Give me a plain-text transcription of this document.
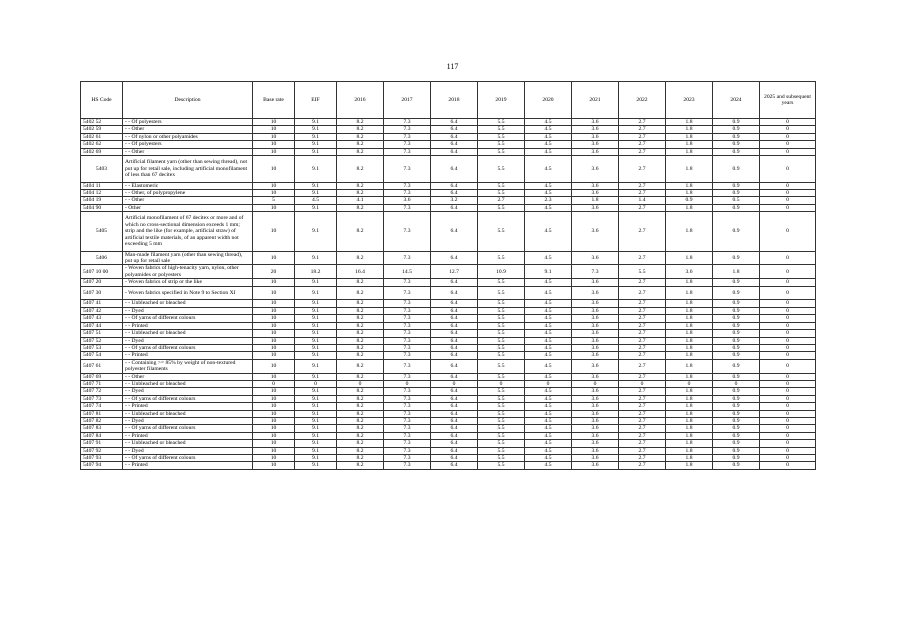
117
HS Code	Description	Base rate	EIF	2016	2017	2018	2019	2020	2021	2022	2023	2024	2025 and subsequent years
5402 52	- - Of polyesters	10	9.1	8.2	7.3	6.4	5.5	4.5	3.6	2.7	1.8	0.9	0
5402 59	- - Other	10	9.1	8.2	7.3	6.4	5.5	4.5	3.6	2.7	1.8	0.9	0
5402 61	- - Of nylon or other polyamides	10	9.1	8.2	7.3	6.4	5.5	4.5	3.6	2.7	1.8	0.9	0
5402 62	- - Of polyesters	10	9.1	8.2	7.3	6.4	5.5	4.5	3.6	2.7	1.8	0.9	0
5402 69	- - Other	10	9.1	8.2	7.3	6.4	5.5	4.5	3.6	2.7	1.8	0.9	0
5403	Artificial filament yarn (other than sewing thread), not put up for retail sale, including artificial monofilament of less than 67 decitex	10	9.1	8.2	7.3	6.4	5.5	4.5	3.6	2.7	1.8	0.9	0
5404 11	- - Elastomeric	10	9.1	8.2	7.3	6.4	5.5	4.5	3.6	2.7	1.8	0.9	0
5404 12	- - Other, of polypropylene	10	9.1	8.2	7.3	6.4	5.5	4.5	3.6	2.7	1.8	0.9	0
5404 19	- - Other	5	4.5	4.1	3.6	3.2	2.7	2.3	1.8	1.4	0.9	0.5	0
5404 90	- Other	10	9.1	8.2	7.3	6.4	5.5	4.5	3.6	2.7	1.8	0.9	0
5405	Artificial monofilament of 67 decitex or more and of which no cross-sectional dimension exceeds 1 mm; strip and the like (for example, artificial straw) of artificial textile materials, of an apparent width not exceeding 5 mm	10	9.1	8.2	7.3	6.4	5.5	4.5	3.6	2.7	1.8	0.9	0
5406	Man-made filament yarn (other than sewing thread), put up for retail sale	10	9.1	8.2	7.3	6.4	5.5	4.5	3.6	2.7	1.8	0.9	0
5407 10 00	- Woven fabrics of high-tenacity yarn, nylon, other polyamides or polyesters	20	18.2	16.4	14.5	12.7	10.9	9.1	7.3	5.5	3.6	1.8	0
5407 20	- Woven fabrics of strip or the like	10	9.1	8.2	7.3	6.4	5.5	4.5	3.6	2.7	1.8	0.9	0
5407 30	- Woven fabrics specified in Note 9 to Section XI	10	9.1	8.2	7.3	6.4	5.5	4.5	3.6	2.7	1.8	0.9	0
5407 41	- - Unbleached or bleached	10	9.1	8.2	7.3	6.4	5.5	4.5	3.6	2.7	1.8	0.9	0
5407 42	- - Dyed	10	9.1	8.2	7.3	6.4	5.5	4.5	3.6	2.7	1.8	0.9	0
5407 43	- - Of yarns of different colours	10	9.1	8.2	7.3	6.4	5.5	4.5	3.6	2.7	1.8	0.9	0
5407 44	- - Printed	10	9.1	8.2	7.3	6.4	5.5	4.5	3.6	2.7	1.8	0.9	0
5407 51	- - Unbleached or bleached	10	9.1	8.2	7.3	6.4	5.5	4.5	3.6	2.7	1.8	0.9	0
5407 52	- - Dyed	10	9.1	8.2	7.3	6.4	5.5	4.5	3.6	2.7	1.8	0.9	0
5407 53	- - Of yarns of different colours	10	9.1	8.2	7.3	6.4	5.5	4.5	3.6	2.7	1.8	0.9	0
5407 54	- - Printed	10	9.1	8.2	7.3	6.4	5.5	4.5	3.6	2.7	1.8	0.9	0
5407 61	- - Containing >= 85% by weight of non-textured polyester filaments	10	9.1	8.2	7.3	6.4	5.5	4.5	3.6	2.7	1.8	0.9	0
5407 69	- - Other	10	9.1	8.2	7.3	6.4	5.5	4.5	3.6	2.7	1.8	0.9	0
5407 71	- - Unbleached or bleached	0	0	0	0	0	0	0	0	0	0	0	0
5407 72	- - Dyed	10	9.1	8.2	7.3	6.4	5.5	4.5	3.6	2.7	1.8	0.9	0
5407 73	- - Of yarns of different colours	10	9.1	8.2	7.3	6.4	5.5	4.5	3.6	2.7	1.8	0.9	0
5407 74	- - Printed	10	9.1	8.2	7.3	6.4	5.5	4.5	3.6	2.7	1.8	0.9	0
5407 81	- - Unbleached or bleached	10	9.1	8.2	7.3	6.4	5.5	4.5	3.6	2.7	1.8	0.9	0
5407 82	- - Dyed	10	9.1	8.2	7.3	6.4	5.5	4.5	3.6	2.7	1.8	0.9	0
5407 83	- - Of yarns of different colours	10	9.1	8.2	7.3	6.4	5.5	4.5	3.6	2.7	1.8	0.9	0
5407 84	- - Printed	10	9.1	8.2	7.3	6.4	5.5	4.5	3.6	2.7	1.8	0.9	0
5407 91	- - Unbleached or bleached	10	9.1	8.2	7.3	6.4	5.5	4.5	3.6	2.7	1.8	0.9	0
5407 92	- - Dyed	10	9.1	8.2	7.3	6.4	5.5	4.5	3.6	2.7	1.8	0.9	0
5407 93	- - Of yarns of different colours	10	9.1	8.2	7.3	6.4	5.5	4.5	3.6	2.7	1.8	0.9	0
5407 94	- - Printed	10	9.1	8.2	7.3	6.4	5.5	4.5	3.6	2.7	1.8	0.9	0
